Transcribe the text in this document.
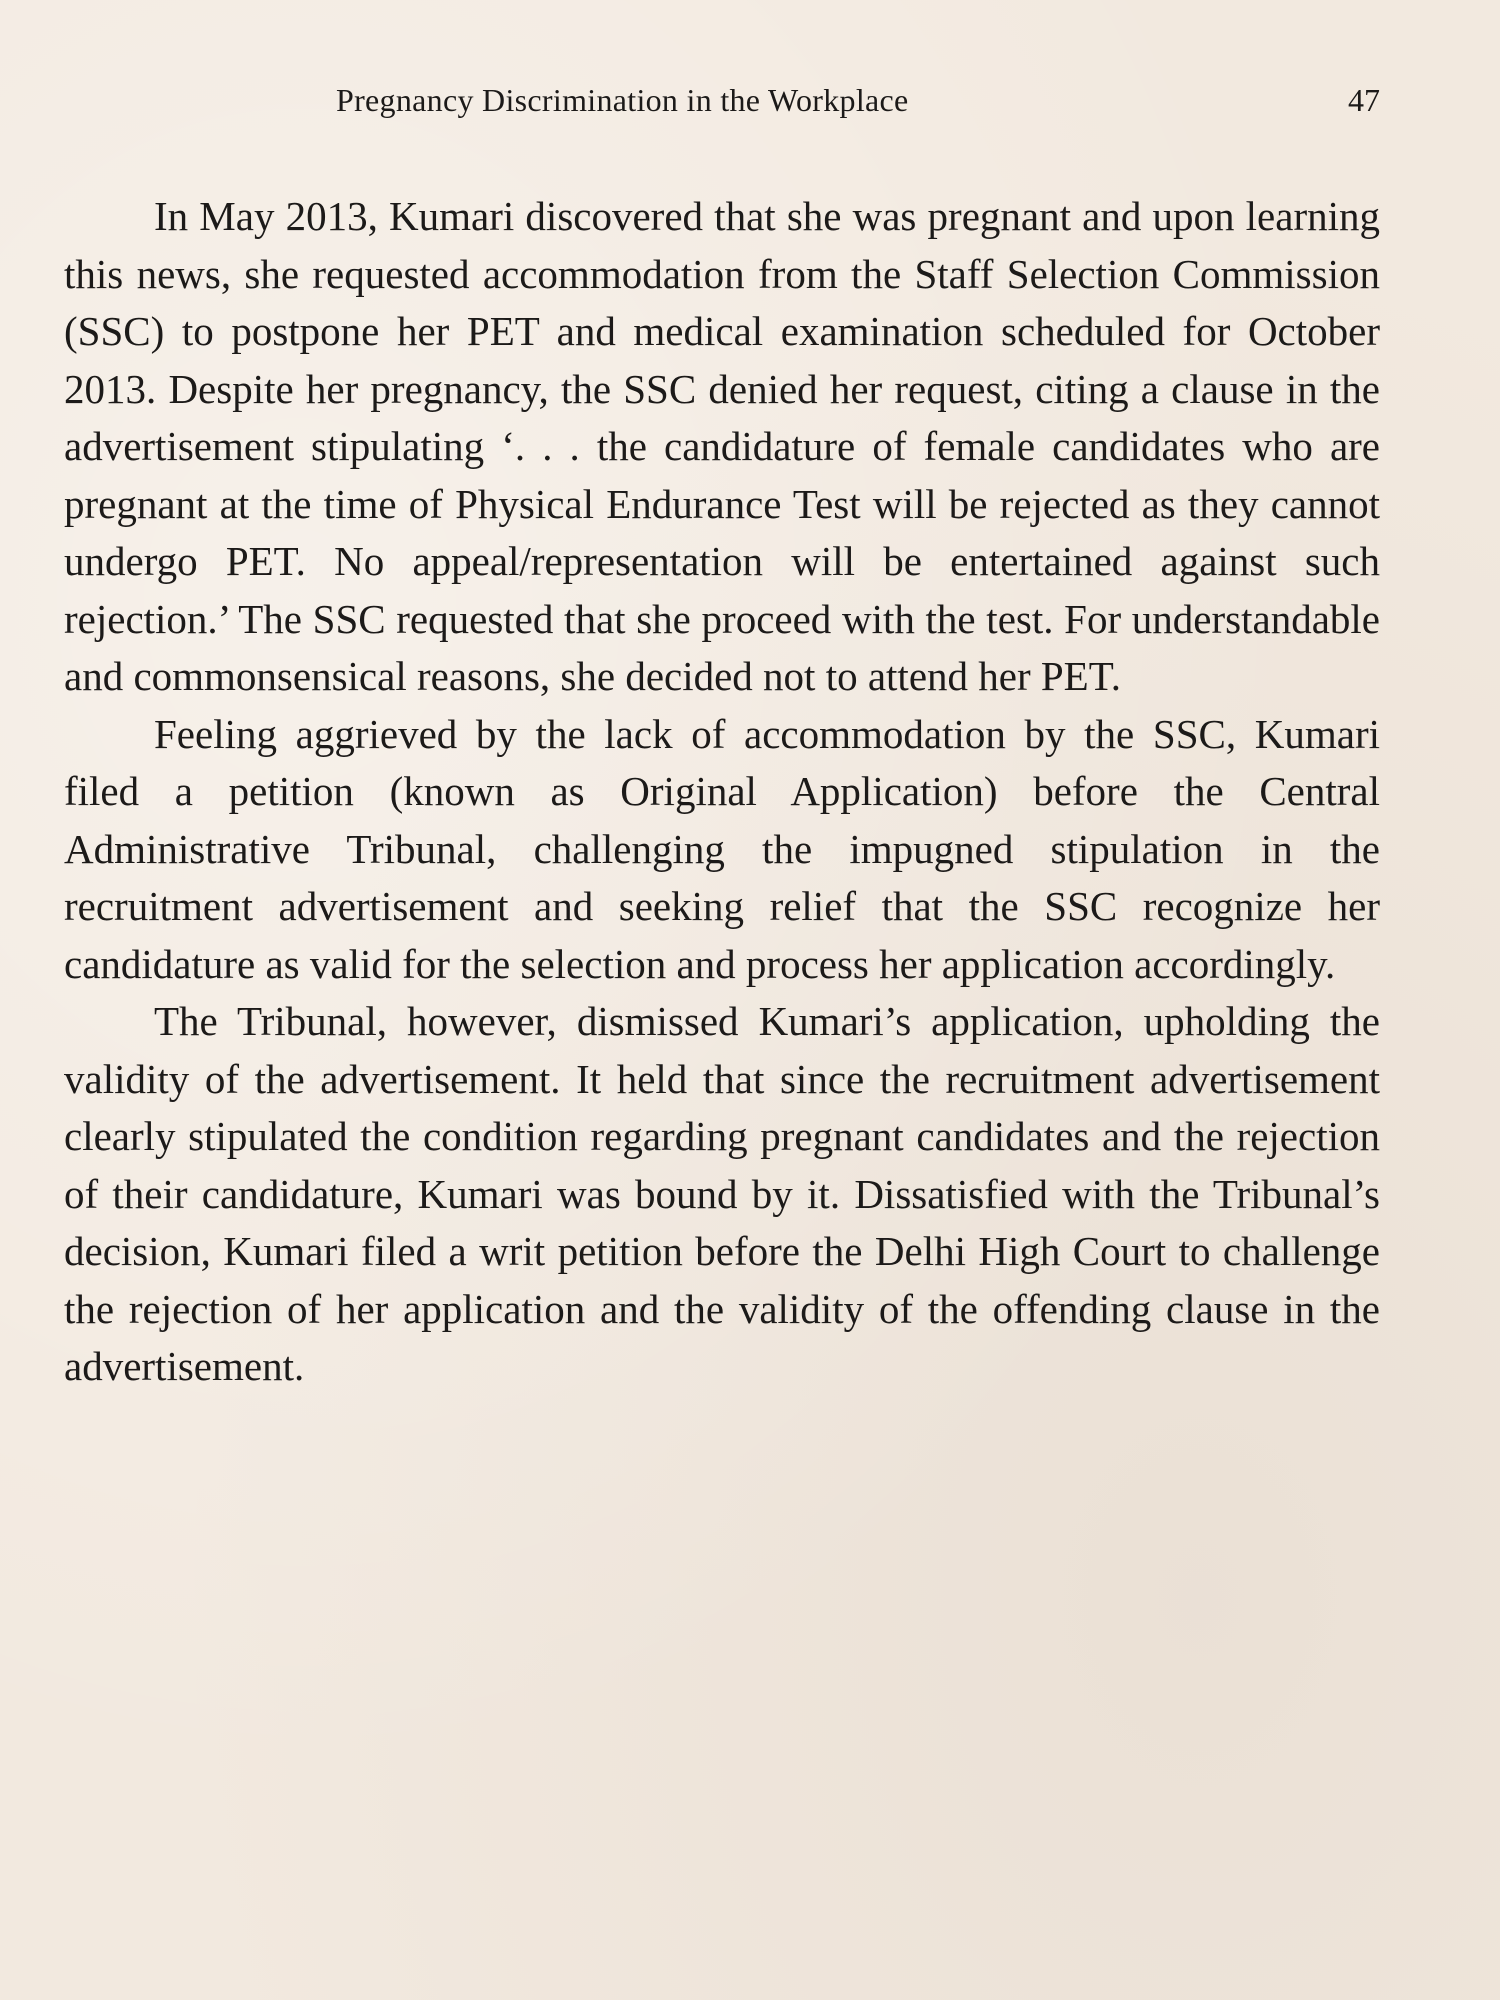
Pregnancy Discrimination in the Workplace	47

In May 2013, Kumari discovered that she was pregnant and upon learning this news, she requested accommodation from the Staff Selection Commission (SSC) to postpone her PET and medical examination scheduled for October 2013. Despite her pregnancy, the SSC denied her request, citing a clause in the advertisement stipulating ‘. . . the candidature of female candidates who are pregnant at the time of Physical Endurance Test will be rejected as they cannot undergo PET. No appeal/representation will be entertained against such rejection.’ The SSC requested that she proceed with the test. For understandable and commonsensical reasons, she decided not to attend her PET.

Feeling aggrieved by the lack of accommodation by the SSC, Kumari filed a petition (known as Original Application) before the Central Administrative Tribunal, challenging the impugned stipulation in the recruitment advertisement and seeking relief that the SSC recognize her candidature as valid for the selection and process her application accordingly.

The Tribunal, however, dismissed Kumari’s application, upholding the validity of the advertisement. It held that since the recruitment advertisement clearly stipulated the condition regarding pregnant candidates and the rejection of their candidature, Kumari was bound by it. Dissatisfied with the Tribunal’s decision, Kumari filed a writ petition before the Delhi High Court to challenge the rejection of her application and the validity of the offending clause in the advertisement.
